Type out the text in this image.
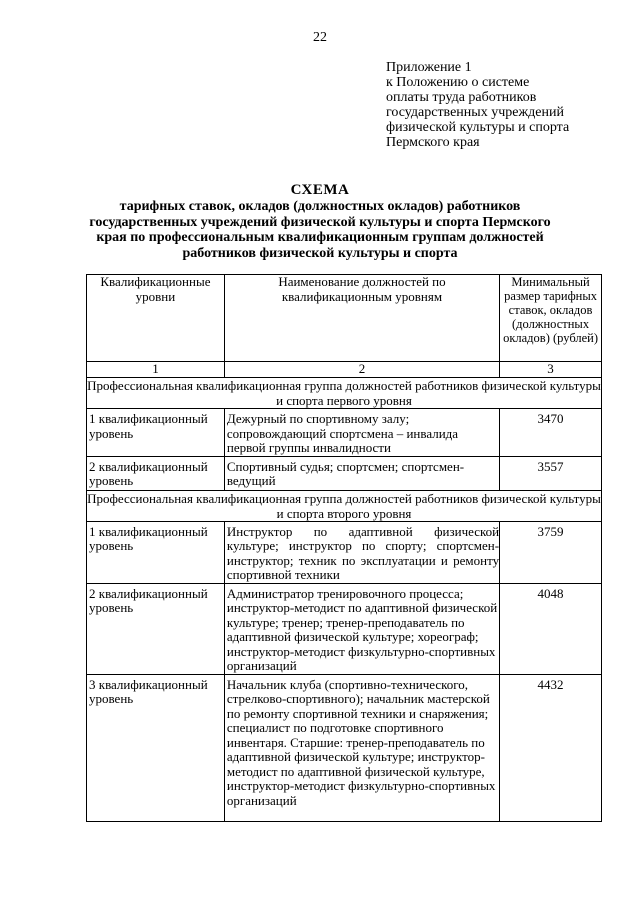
22
Приложение 1
к Положению о системе
оплаты труда работников
государственных учреждений
физической культуры и спорта
Пермского края
СХЕМА
тарифных ставок, окладов (должностных окладов) работников
государственных учреждений физической культуры и спорта Пермского
края по профессиональным квалификационным группам должностей
работников физической культуры и спорта
Квалификационные уровни	Наименование должностей по квалификационным уровням	Минимальный размер тарифных ставок, окладов (должностных окладов) (рублей)
1	2	3
Профессиональная квалификационная группа должностей работников физической культуры и спорта первого уровня		
1 квалификационный уровень	Дежурный по спортивному залу; сопровождающий спортсмена – инвалида первой группы инвалидности	3470
2 квалификационный уровень	Спортивный судья; спортсмен; спортсмен-ведущий	3557
Профессиональная квалификационная группа должностей работников физической культуры и спорта второго уровня		
1 квалификационный уровень	Инструктор по адаптивной физической культуре; инструктор по спорту; спортсмен-инструктор; техник по эксплуатации и ремонту спортивной техники	3759
2 квалификационный уровень	Администратор тренировочного процесса; инструктор-методист по адаптивной физической культуре; тренер; тренер-преподаватель по адаптивной физической культуре; хореограф; инструктор-методист физкультурно-спортивных организаций	4048
3 квалификационный уровень	Начальник клуба (спортивно-технического, стрелково-спортивного); начальник мастерской по ремонту спортивной техники и снаряжения; специалист по подготовке спортивного инвентаря. Старшие: тренер-преподаватель по адаптивной физической культуре; инструктор-методист по адаптивной физической культуре, инструктор-методист физкультурно-спортивных организаций	4432
